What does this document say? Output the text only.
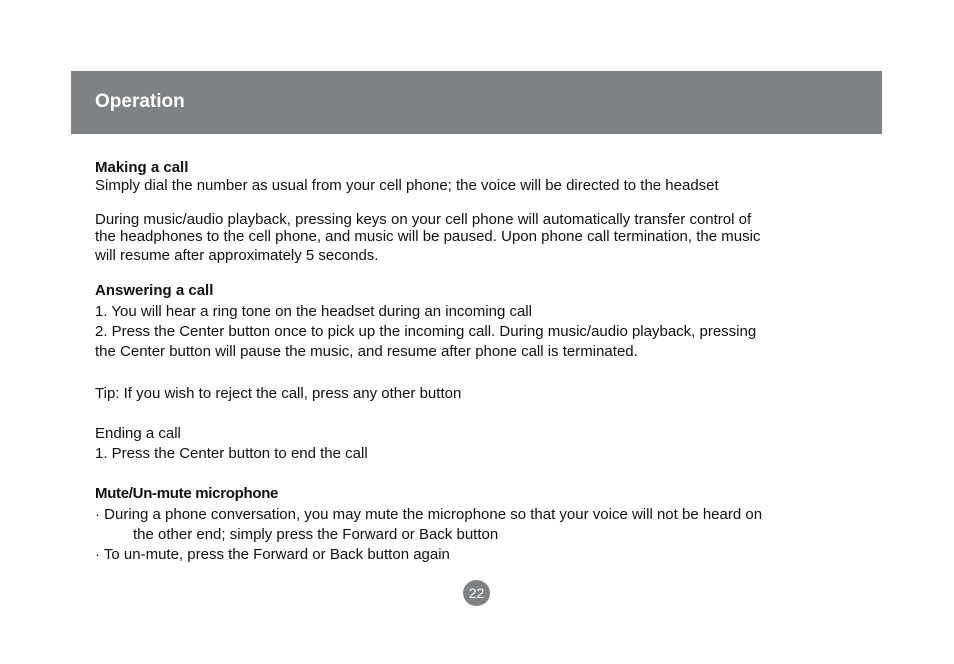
Operation
Making a call
Simply dial the number as usual from your cell phone; the voice will be directed to the headset
During music/audio playback, pressing keys on your cell phone will automatically transfer control of
the headphones to the cell phone, and music will be paused. Upon phone call termination, the music
will resume after approximately 5 seconds.
Answering a call
1. You will hear a ring tone on the headset during an incoming call
2. Press the Center button once to pick up the incoming call. During music/audio playback, pressing
the Center button will pause the music, and resume after phone call is terminated.
Tip: If you wish to reject the call, press any other button
Ending a call
1. Press the Center button to end the call
Mute/Un-mute microphone
· During a phone conversation, you may mute the microphone so that your voice will not be heard on
the other end; simply press the Forward or Back button
· To un-mute, press the Forward or Back button again
22
